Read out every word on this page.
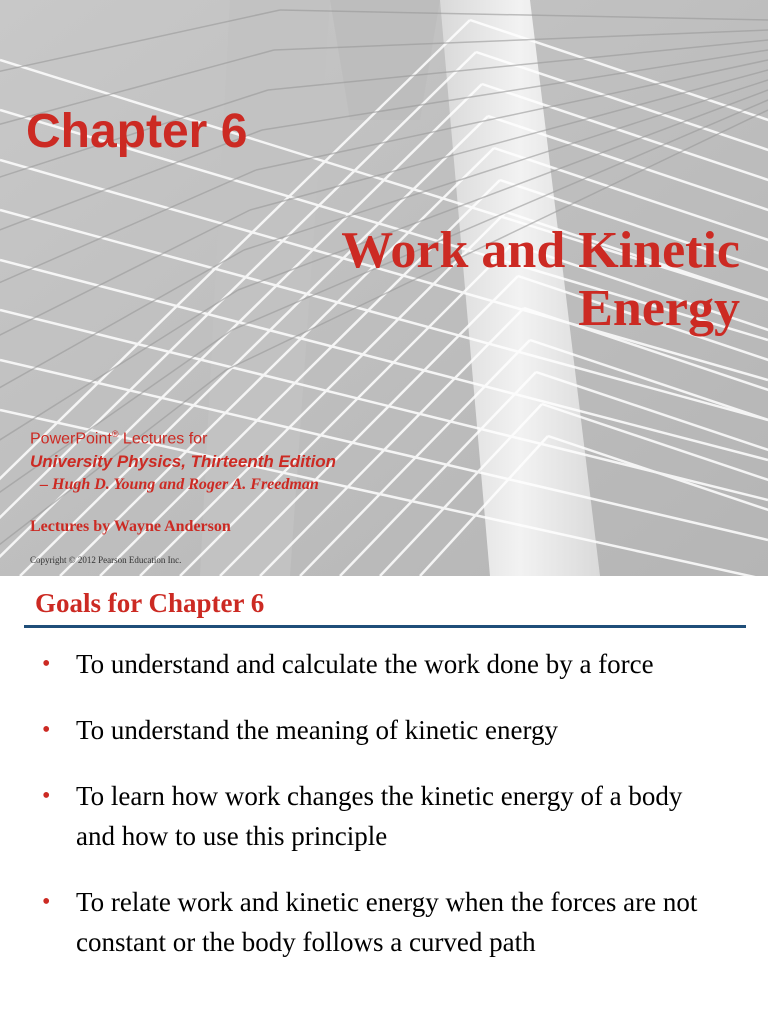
Chapter 6
Work and Kinetic
Energy
PowerPoint® Lectures for
University Physics, Thirteenth Edition
– Hugh D. Young and Roger A. Freedman
Lectures by Wayne Anderson
Copyright © 2012 Pearson Education Inc.
Goals for Chapter 6
• To understand and calculate the work done by a force
• To understand the meaning of kinetic energy
• To learn how work changes the kinetic energy of a body and how to use this principle
• To relate work and kinetic energy when the forces are not constant or the body follows a curved path
